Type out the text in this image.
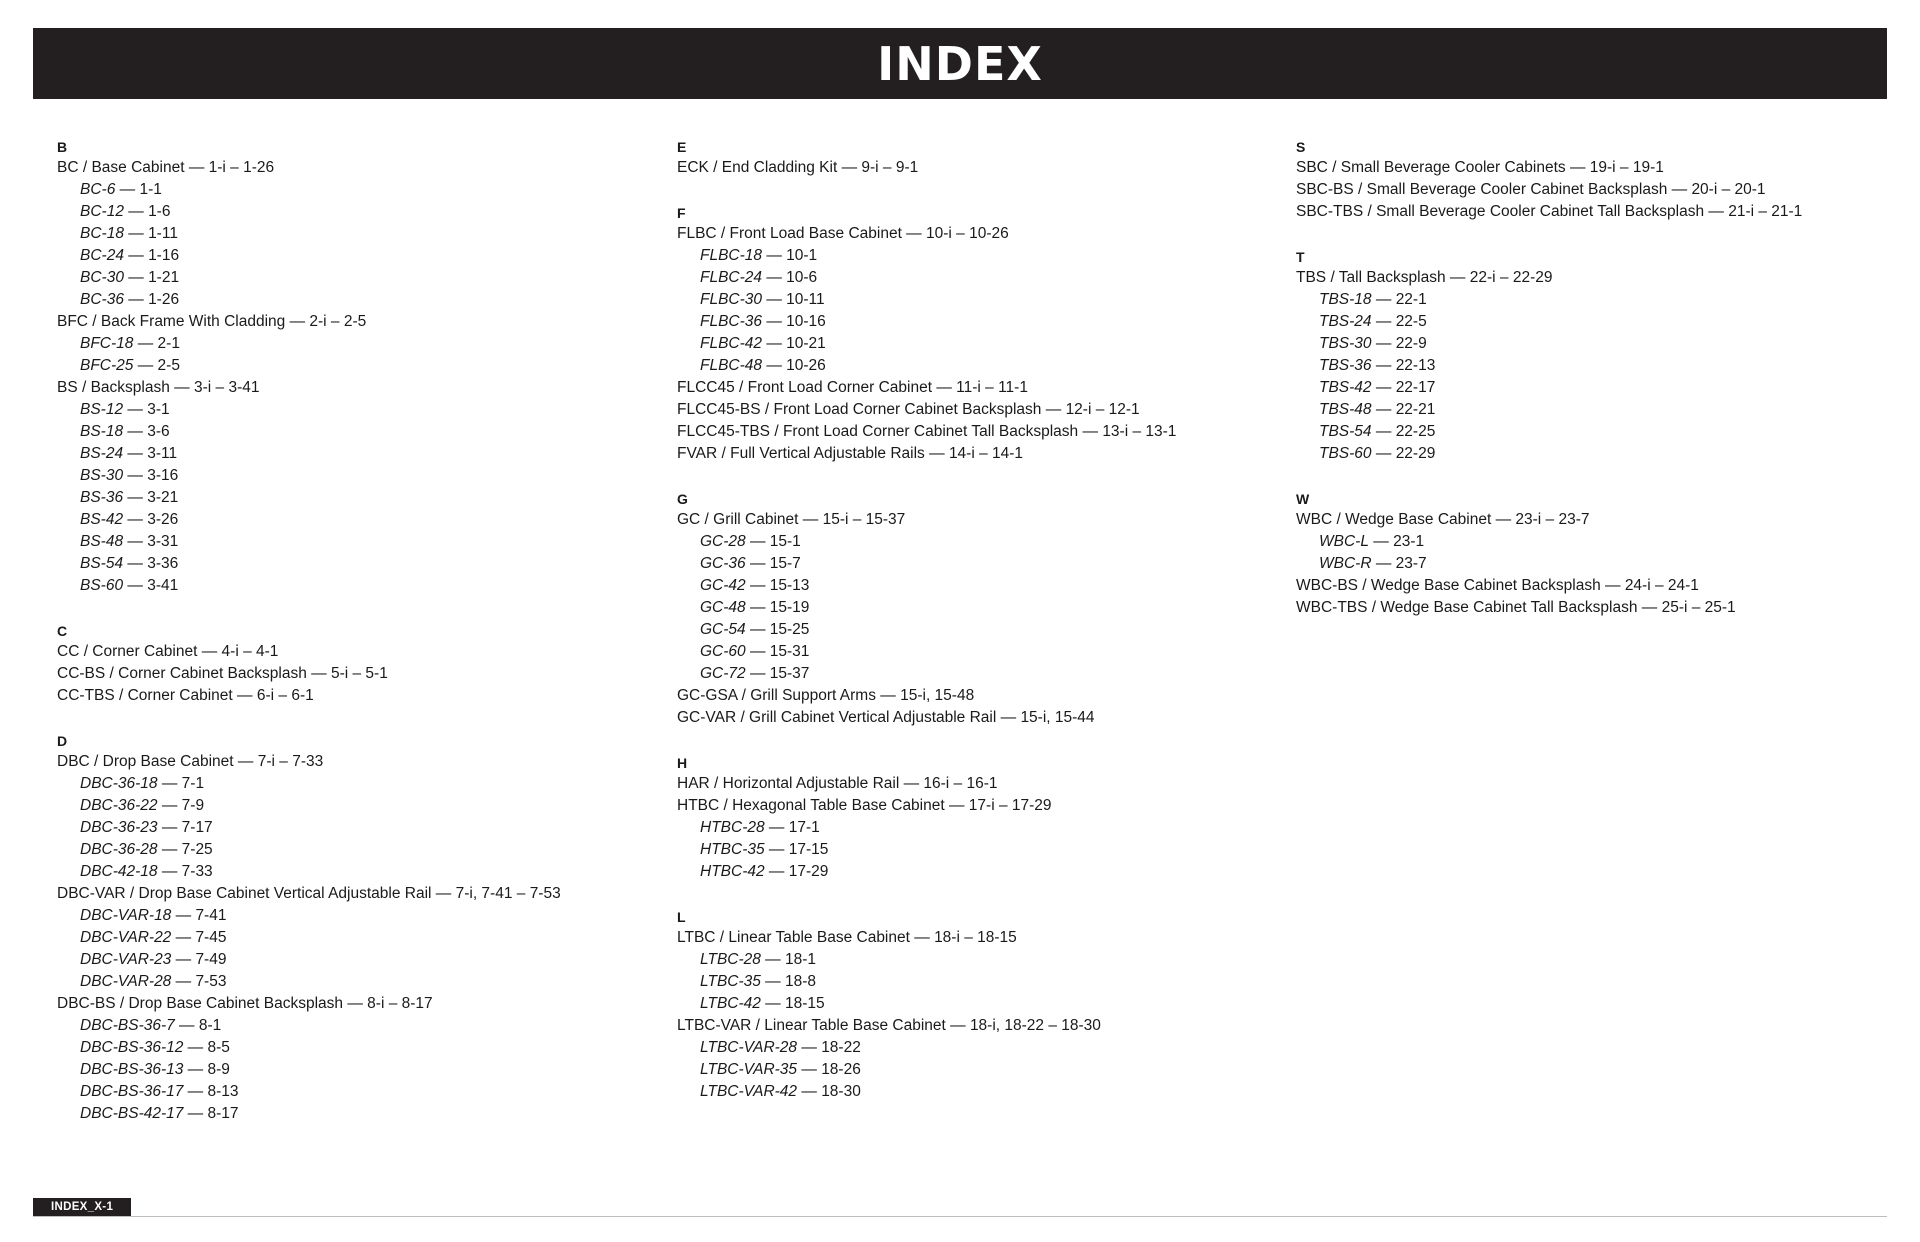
INDEX
B
BC / Base Cabinet — 1-i – 1-26
BC-6 — 1-1
BC-12 — 1-6
BC-18 — 1-11
BC-24 — 1-16
BC-30 — 1-21
BC-36 — 1-26
BFC / Back Frame With Cladding — 2-i – 2-5
BFC-18 — 2-1
BFC-25 — 2-5
BS / Backsplash — 3-i – 3-41
BS-12 — 3-1
BS-18 — 3-6
BS-24 — 3-11
BS-30 — 3-16
BS-36 — 3-21
BS-42 — 3-26
BS-48 — 3-31
BS-54 — 3-36
BS-60 — 3-41
C
CC / Corner Cabinet — 4-i – 4-1
CC-BS / Corner Cabinet Backsplash — 5-i – 5-1
CC-TBS / Corner Cabinet — 6-i – 6-1
D
DBC / Drop Base Cabinet — 7-i – 7-33
DBC-36-18 — 7-1
DBC-36-22 — 7-9
DBC-36-23 — 7-17
DBC-36-28 — 7-25
DBC-42-18 — 7-33
DBC-VAR / Drop Base Cabinet Vertical Adjustable Rail — 7-i, 7-41 – 7-53
DBC-VAR-18 — 7-41
DBC-VAR-22 — 7-45
DBC-VAR-23 — 7-49
DBC-VAR-28 — 7-53
DBC-BS / Drop Base Cabinet Backsplash — 8-i – 8-17
DBC-BS-36-7 — 8-1
DBC-BS-36-12 — 8-5
DBC-BS-36-13 — 8-9
DBC-BS-36-17 — 8-13
DBC-BS-42-17 — 8-17
E
ECK / End Cladding Kit — 9-i – 9-1
F
FLBC / Front Load Base Cabinet — 10-i – 10-26
FLBC-18 — 10-1
FLBC-24 — 10-6
FLBC-30 — 10-11
FLBC-36 — 10-16
FLBC-42 — 10-21
FLBC-48 — 10-26
FLCC45 / Front Load Corner Cabinet — 11-i – 11-1
FLCC45-BS / Front Load Corner Cabinet Backsplash — 12-i – 12-1
FLCC45-TBS / Front Load Corner Cabinet Tall Backsplash — 13-i – 13-1
FVAR / Full Vertical Adjustable Rails — 14-i – 14-1
G
GC / Grill Cabinet — 15-i – 15-37
GC-28 — 15-1
GC-36 — 15-7
GC-42 — 15-13
GC-48 — 15-19
GC-54 — 15-25
GC-60 — 15-31
GC-72 — 15-37
GC-GSA / Grill Support Arms — 15-i, 15-48
GC-VAR / Grill Cabinet Vertical Adjustable Rail — 15-i, 15-44
H
HAR / Horizontal Adjustable Rail — 16-i – 16-1
HTBC / Hexagonal Table Base Cabinet — 17-i – 17-29
HTBC-28 — 17-1
HTBC-35 — 17-15
HTBC-42 — 17-29
L
LTBC / Linear Table Base Cabinet — 18-i – 18-15
LTBC-28 — 18-1
LTBC-35 — 18-8
LTBC-42 — 18-15
LTBC-VAR / Linear Table Base Cabinet — 18-i, 18-22 – 18-30
LTBC-VAR-28 — 18-22
LTBC-VAR-35 — 18-26
LTBC-VAR-42 — 18-30
S
SBC / Small Beverage Cooler Cabinets — 19-i – 19-1
SBC-BS / Small Beverage Cooler Cabinet Backsplash — 20-i – 20-1
SBC-TBS / Small Beverage Cooler Cabinet Tall Backsplash — 21-i – 21-1
T
TBS / Tall Backsplash — 22-i – 22-29
TBS-18 — 22-1
TBS-24 — 22-5
TBS-30 — 22-9
TBS-36 — 22-13
TBS-42 — 22-17
TBS-48 — 22-21
TBS-54 — 22-25
TBS-60 — 22-29
W
WBC / Wedge Base Cabinet — 23-i – 23-7
WBC-L — 23-1
WBC-R — 23-7
WBC-BS / Wedge Base Cabinet Backsplash — 24-i – 24-1
WBC-TBS / Wedge Base Cabinet Tall Backsplash — 25-i – 25-1
INDEX_X-1
